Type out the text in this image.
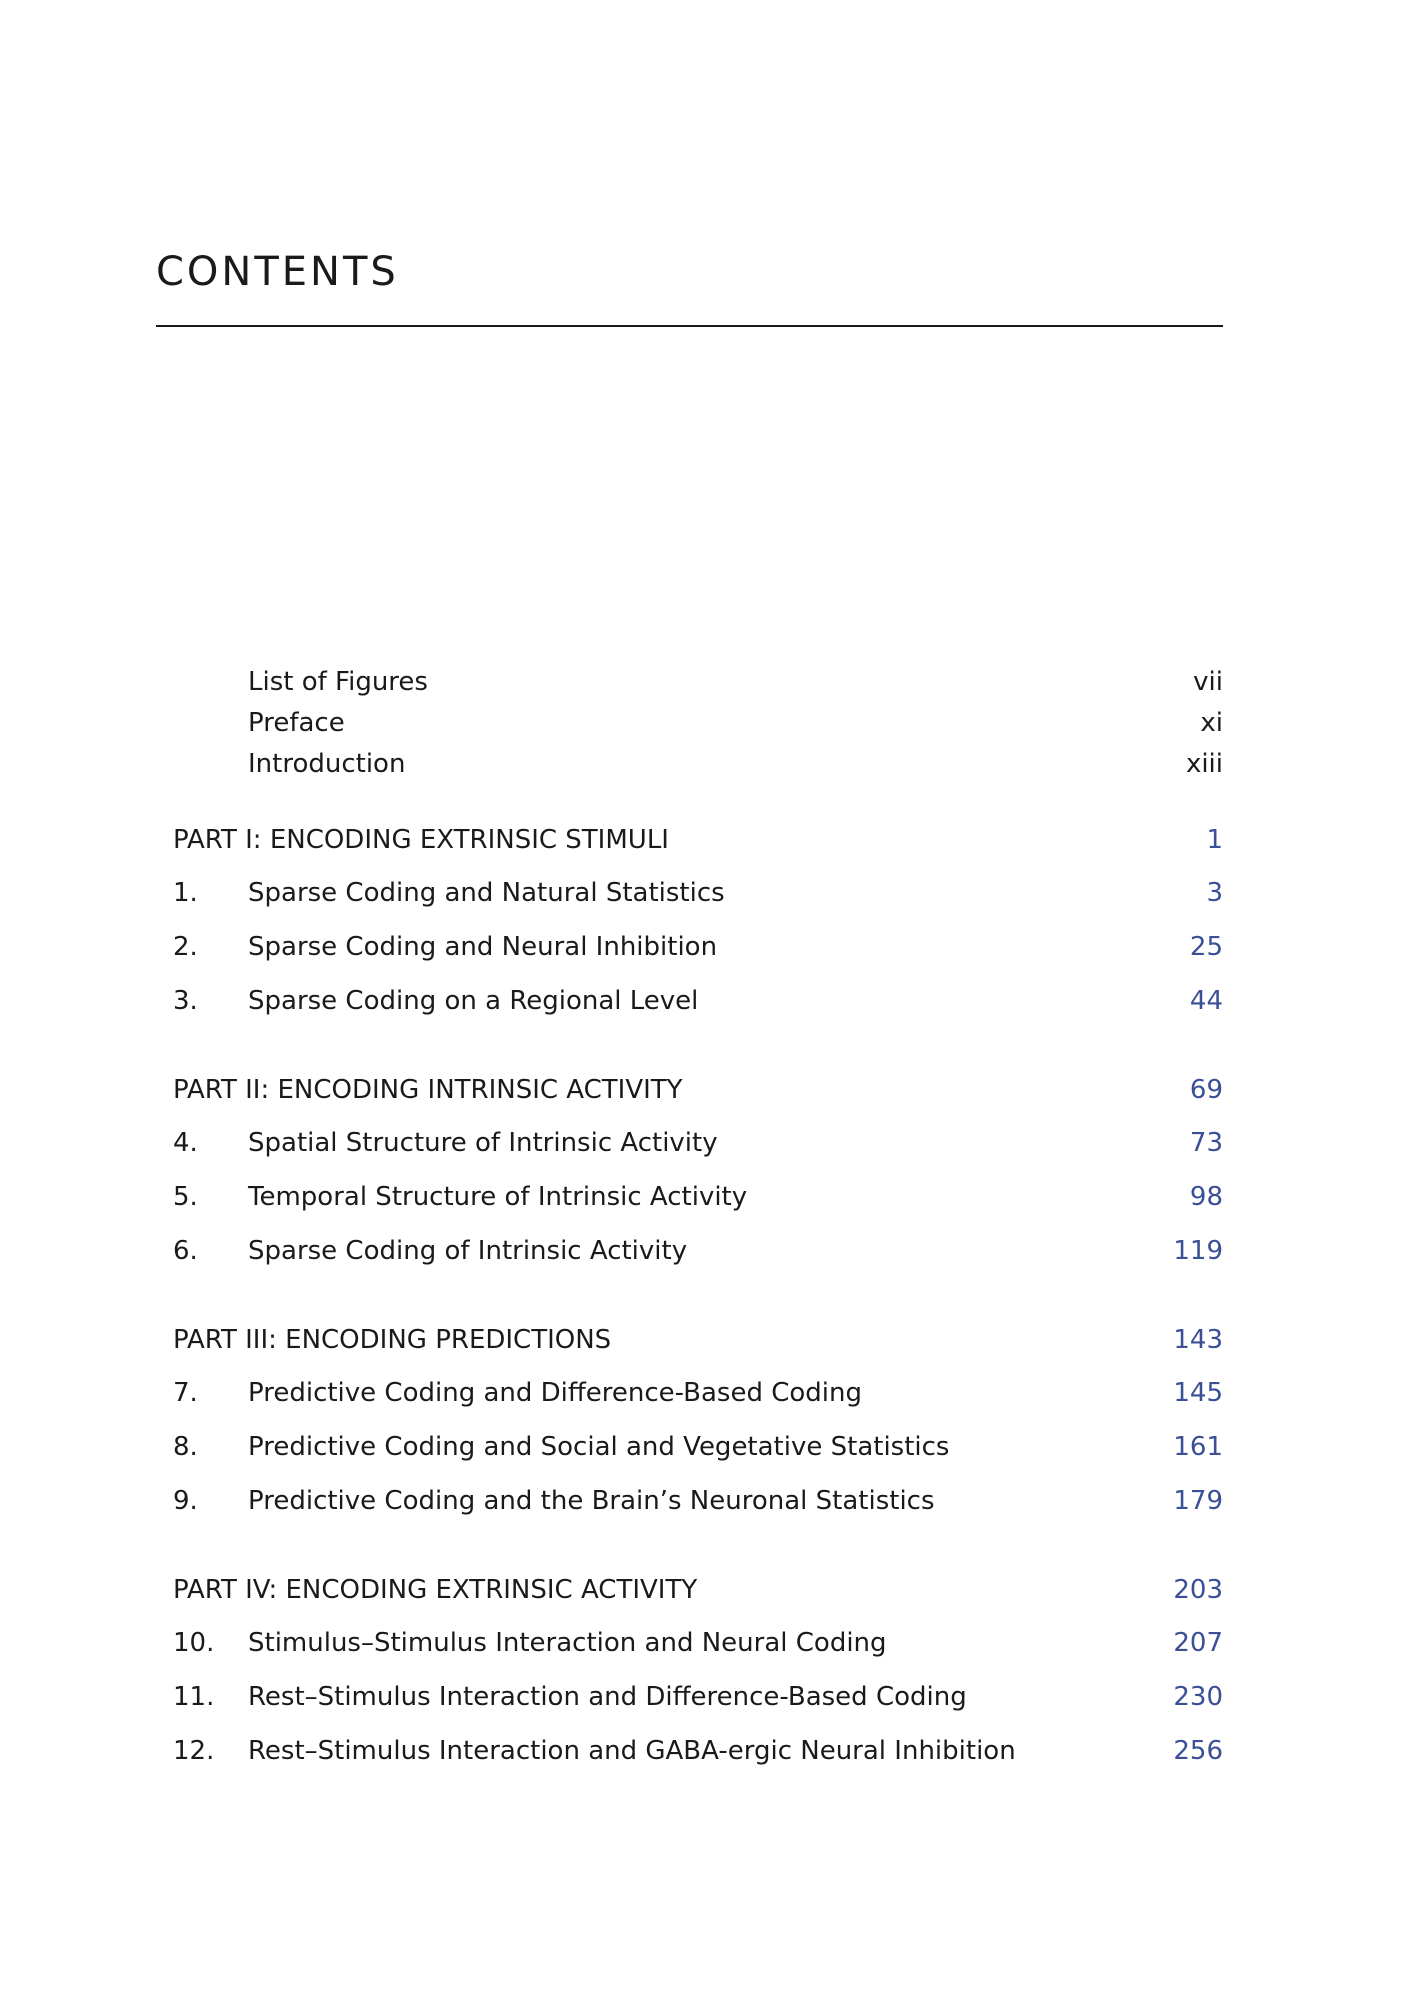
CONTENTS
List of Figures	vii
Preface	xi
Introduction	xiii
PART I: ENCODING EXTRINSIC STIMULI	1
1. Sparse Coding and Natural Statistics	3
2. Sparse Coding and Neural Inhibition	25
3. Sparse Coding on a Regional Level	44
PART II: ENCODING INTRINSIC ACTIVITY	69
4. Spatial Structure of Intrinsic Activity	73
5. Temporal Structure of Intrinsic Activity	98
6. Sparse Coding of Intrinsic Activity	119
PART III: ENCODING PREDICTIONS	143
7. Predictive Coding and Difference-Based Coding	145
8. Predictive Coding and Social and Vegetative Statistics	161
9. Predictive Coding and the Brain’s Neuronal Statistics	179
PART IV: ENCODING EXTRINSIC ACTIVITY	203
10. Stimulus–Stimulus Interaction and Neural Coding	207
11. Rest–Stimulus Interaction and Difference-Based Coding	230
12. Rest–Stimulus Interaction and GABA-ergic Neural Inhibition	256
